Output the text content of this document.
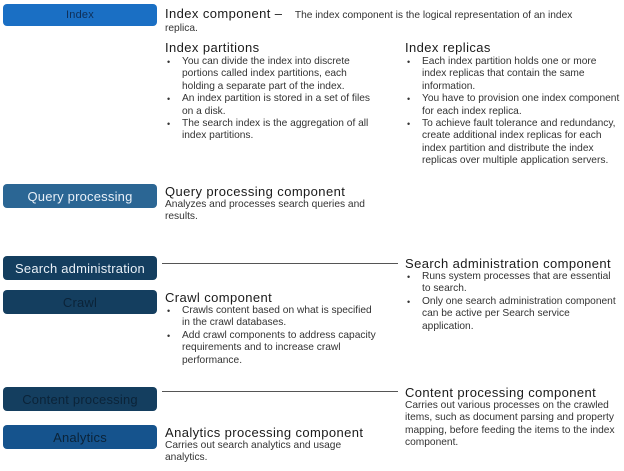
Index
Query processing
Search administration
Crawl
Content processing
Analytics
Index component – The index component is the logical representation of an index
replica.
Index partitions
• You can divide the index into discrete portions called index partitions, each holding a separate part of the index.
• An index partition is stored in a set of files on a disk.
• The search index is the aggregation of all index partitions.
Index replicas
• Each index partition holds one or more index replicas that contain the same information.
• You have to provision one index component for each index replica.
• To achieve fault tolerance and redundancy, create additional index replicas for each index partition and distribute the index replicas over multiple application servers.
Query processing component
Analyzes and processes search queries and results.
Search administration component
• Runs system processes that are essential to search.
• Only one search administration component can be active per Search service application.
Crawl component
• Crawls content based on what is specified in the crawl databases.
• Add crawl components to address capacity requirements and to increase crawl performance.
Content processing component
Carries out various processes on the crawled items, such as document parsing and property mapping, before feeding the items to the index component.
Analytics processing component
Carries out search analytics and usage analytics.
